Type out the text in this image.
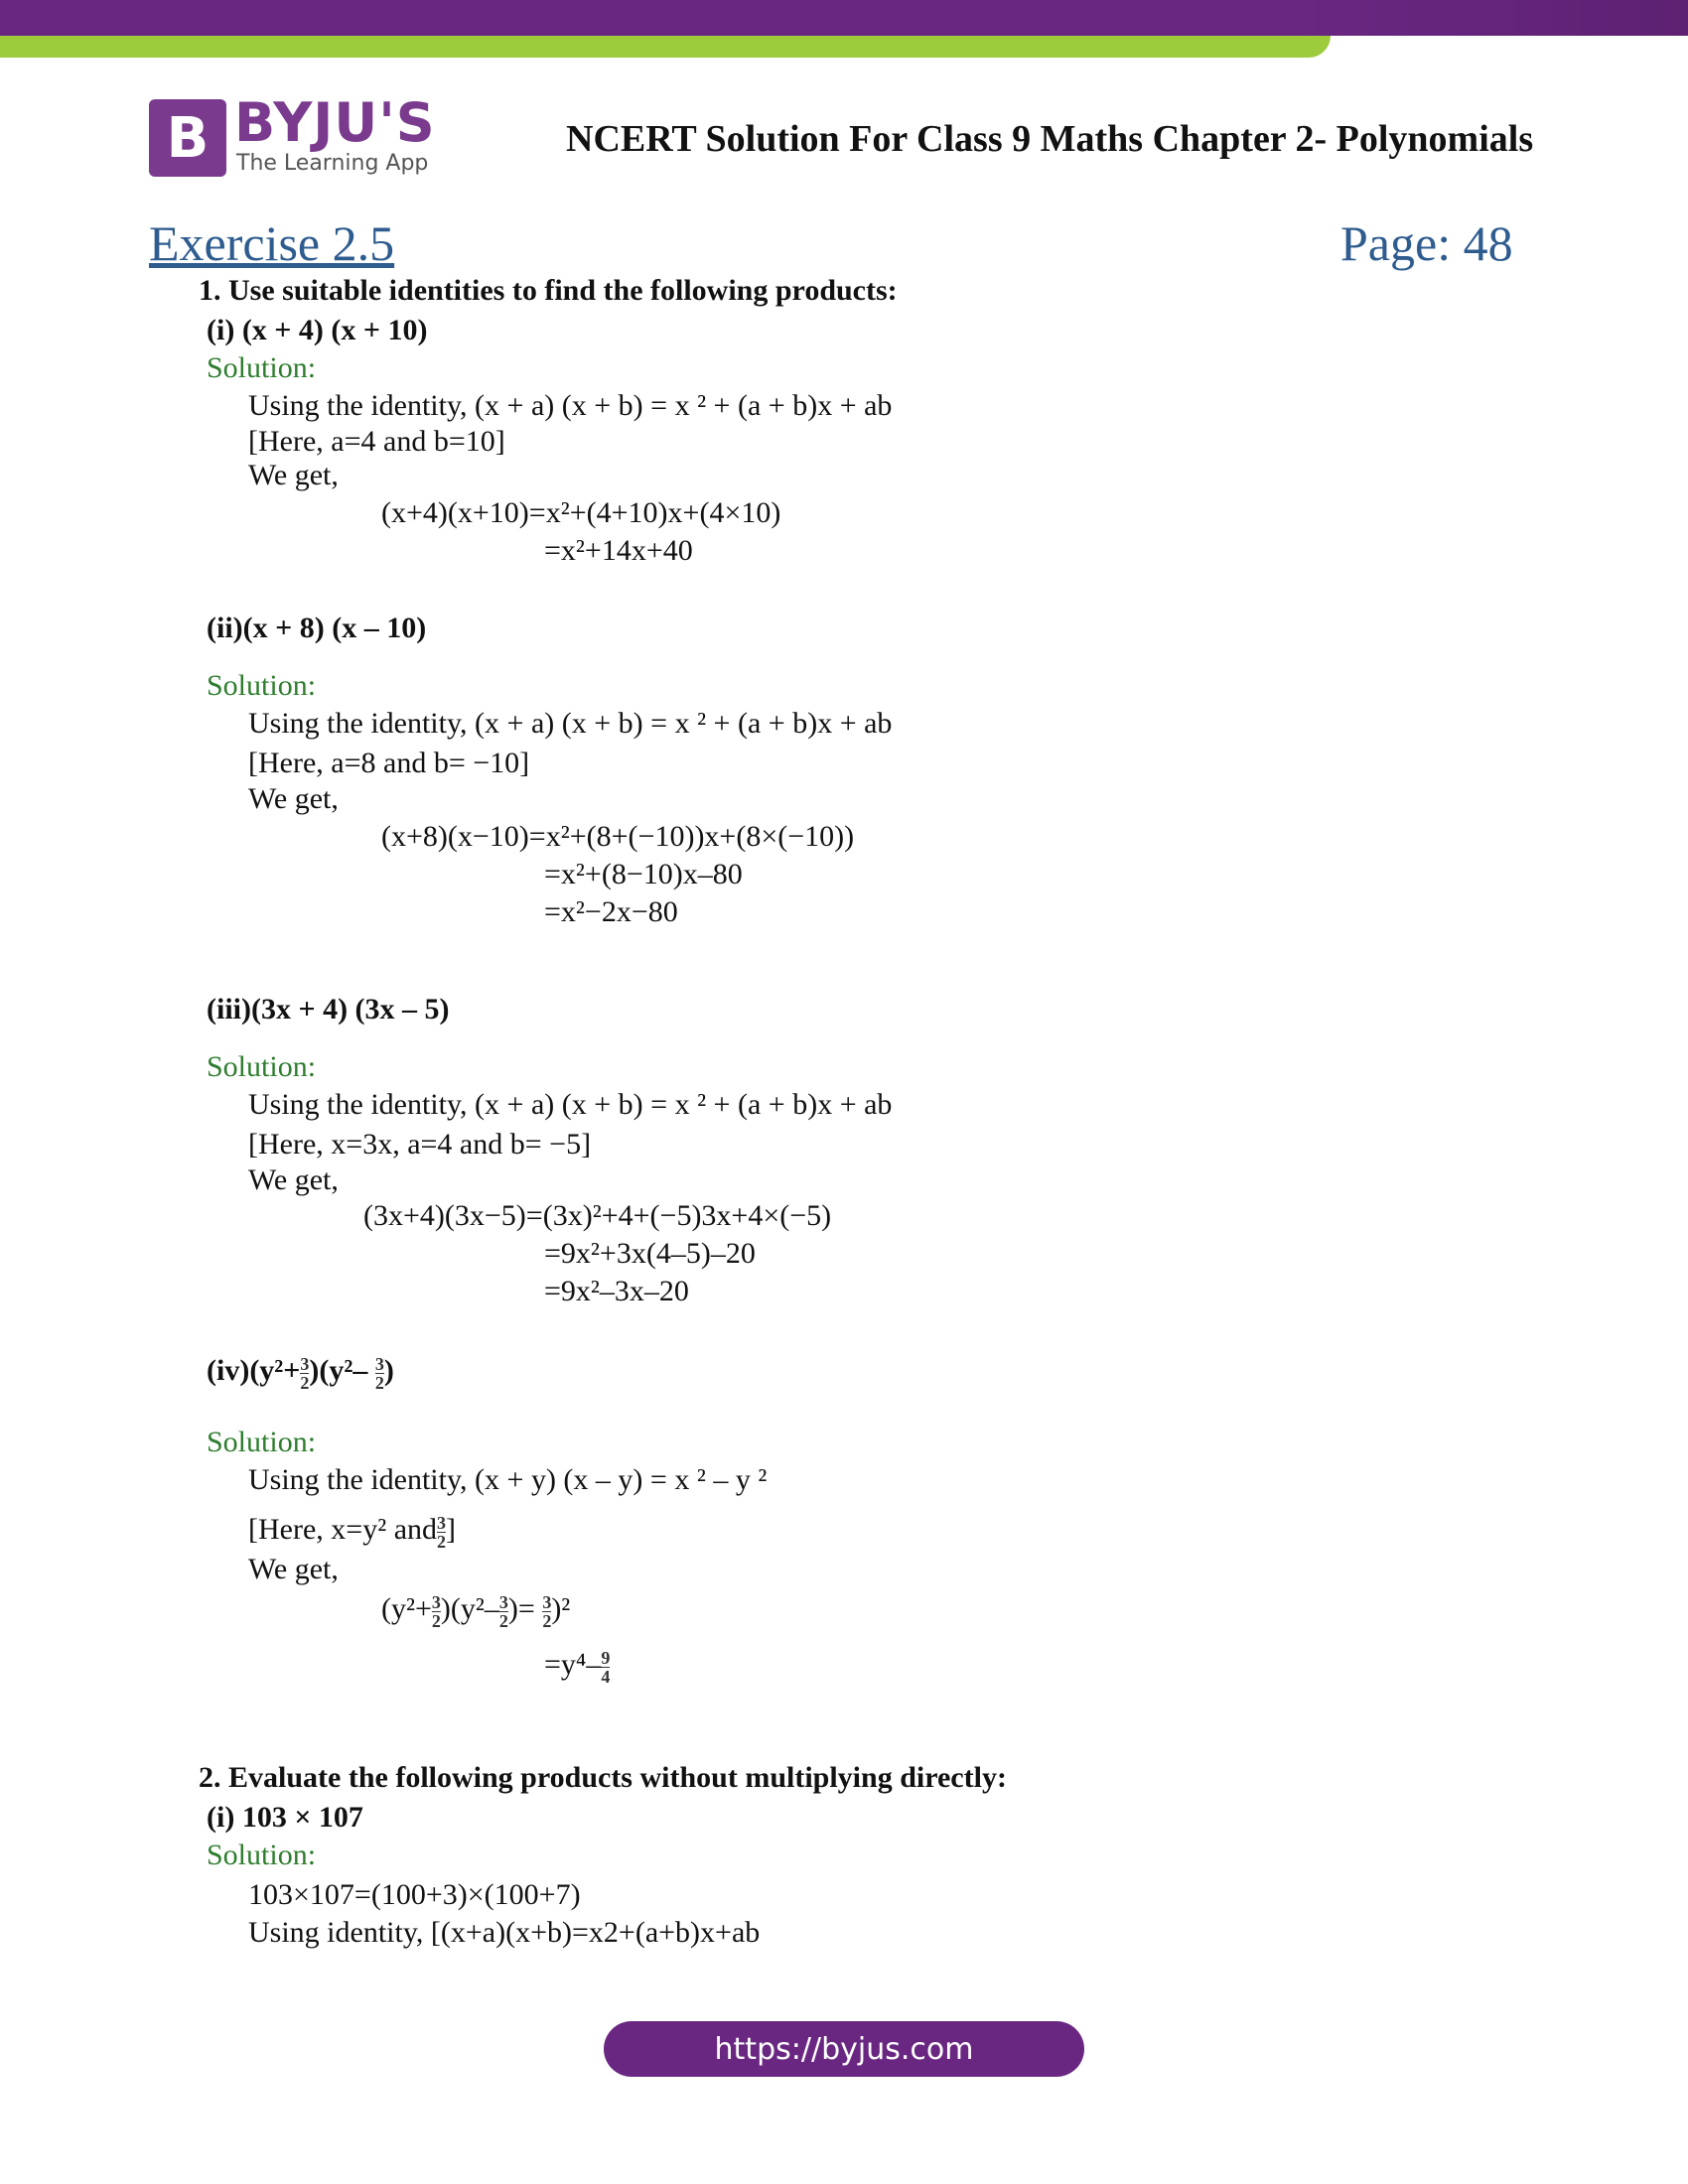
B BYJU'S
The Learning App
NCERT Solution For Class 9 Maths Chapter 2- Polynomials
Exercise 2.5	Page: 48
1. Use suitable identities to find the following products:
(i) (x + 4) (x + 10)
Solution:
Using the identity, (x + a) (x + b) = x ² + (a + b)x + ab
[Here, a=4 and b=10]
We get,
(x+4)(x+10)=x²+(4+10)x+(4×10)
=x²+14x+40
(ii)(x + 8) (x – 10)
Solution:
Using the identity, (x + a) (x + b) = x ² + (a + b)x + ab
[Here, a=8 and b= −10]
We get,
(x+8)(x−10)=x²+(8+(−10))x+(8×(−10))
=x²+(8−10)x–80
=x²−2x−80
(iii)(3x + 4) (3x – 5)
Solution:
Using the identity, (x + a) (x + b) = x ² + (a + b)x + ab
[Here, x=3x, a=4 and b= −5]
We get,
(3x+4)(3x−5)=(3x)²+4+(−5)3x+4×(−5)
=9x²+3x(4–5)–20
=9x²–3x–20
$(iv)(y^2+ \frac{3}{2} )(y^2- \frac{3}{2}$ )
Solution:
Using the identity, (x + y) (x – y) = x ² – y ²
[Here, x=y² and $\frac{3}{2}$ ]
We get,
$(y^2+ \frac{3}{2} )(y^2- \frac{3}{2}$ )= $\frac{3}{2} )^2$
$=y^4- \frac{9}{4}$
2. Evaluate the following products without multiplying directly:
(i) 103 × 107
Solution:
103×107=(100+3)×(100+7)
Using identity, [(x+a)(x+b)=x2+(a+b)x+ab
https://byjus.com
